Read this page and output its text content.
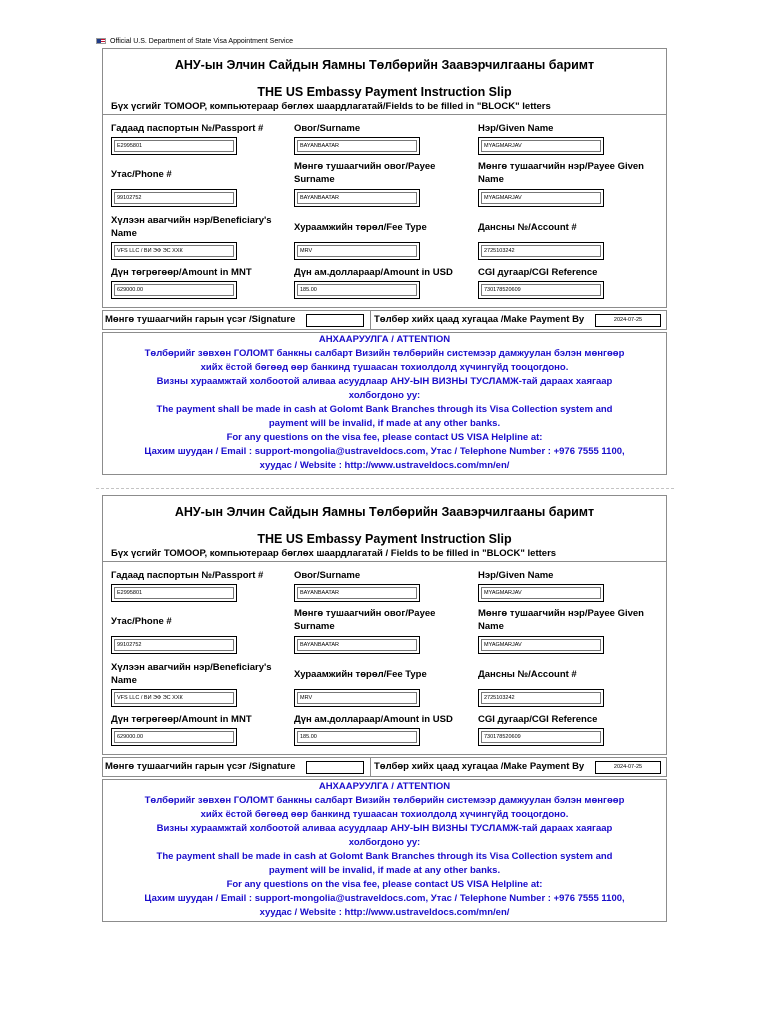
Official U.S. Department of State Visa Appointment Service
АНУ-ын Элчин Сайдын Яамны Төлбөрийн Заавэрчилгааны баримт
THE US Embassy Payment Instruction Slip
Бүх үсгийг ТОМООР, компьютераар бөглөх шаардлагатай/Fields to be filled in "BLOCK" letters
Гадаад паспортын №/Passport #
E2995801
Овог/Surname
BAYANBAATAR
Нэр/Given Name
MYAGMARJAV
Утас/Phone #
99102752
Мөнгө тушаагчийн овог/Payee Surname
BAYANBAATAR
Мөнгө тушаагчийн нэр/Payee Given Name
MYAGMARJAV
Хүлээн авагчийн нэр/Beneficiary's Name
VFS LLC / ВИ ЭФ ЭС ХХК
Хураамжийн төрөл/Fee Type
MRV
Дансны №/Account #
2725103242
Дүн төгрөгөөр/Amount in MNT
629000.00
Дүн ам.доллараар/Amount in USD
185.00
CGI дугаар/CGI Reference
730178520609
Мөнгө тушаагчийн гарын үсэг /Signature	Төлбөр хийх цаад хугацаа /Make Payment By	2024-07-25
АНХААРУУЛГА / ATTENTION
Төлбөрийг зөвхөн ГОЛОМТ банкны салбарт Визийн төлбөрийн системээр дамжуулан бэлэн мөнгөөр хийх ёстой бөгөөд өөр банкинд тушаасан тохиолдолд хүчингүйд тооцогдоно.
Визны хураамжтай холбоотой аливаа асуудлаар АНУ-ЫН ВИЗНЫ ТУСЛАМЖ-тай дараах хаягаар холбогдоно уу:
The payment shall be made in cash at Golomt Bank Branches through its Visa Collection system and payment will be invalid, if made at any other banks.
For any questions on the visa fee, please contact US VISA Helpline at:
Цахим шуудан / Email : support-mongolia@ustraveldocs.com, Утас / Telephone Number : +976 7555 1100, хуудас / Website : http://www.ustraveldocs.com/mn/en/
АНУ-ын Элчин Сайдын Яамны Төлбөрийн Заавэрчилгааны баримт
THE US Embassy Payment Instruction Slip
Бүх үсгийг ТОМООР, компьютераар бөглөх шаардлагатай / Fields to be filled in "BLOCK" letters
Гадаад паспортын №/Passport #
E2995801
Овог/Surname
BAYANBAATAR
Нэр/Given Name
MYAGMARJAV
Утас/Phone #
99102752
Мөнгө тушаагчийн овог/Payee Surname
BAYANBAATAR
Мөнгө тушаагчийн нэр/Payee Given Name
MYAGMARJAV
Хүлээн авагчийн нэр/Beneficiary's Name
VFS LLC / ВИ ЭФ ЭС ХХК
Хураамжийн төрөл/Fee Type
MRV
Дансны №/Account #
2725103242
Дүн төгрөгөөр/Amount in MNT
629000.00
Дүн ам.доллараар/Amount in USD
185.00
CGI дугаар/CGI Reference
730178520609
Мөнгө тушаагчийн гарын үсэг /Signature	Төлбөр хийх цаад хугацаа /Make Payment By	2024-07-25
АНХААРУУЛГА / ATTENTION
Төлбөрийг зөвхөн ГОЛОМТ банкны салбарт Визийн төлбөрийн системээр дамжуулан бэлэн мөнгөөр хийх ёстой бөгөөд өөр банкинд тушаасан тохиолдолд хүчингүйд тооцогдоно.
Визны хураамжтай холбоотой аливаа асуудлаар АНУ-ЫН ВИЗНЫ ТУСЛАМЖ-тай дараах хаягаар холбогдоно уу:
The payment shall be made in cash at Golomt Bank Branches through its Visa Collection system and payment will be invalid, if made at any other banks.
For any questions on the visa fee, please contact US VISA Helpline at:
Цахим шуудан / Email : support-mongolia@ustraveldocs.com, Утас / Telephone Number : +976 7555 1100, хуудас / Website : http://www.ustraveldocs.com/mn/en/
